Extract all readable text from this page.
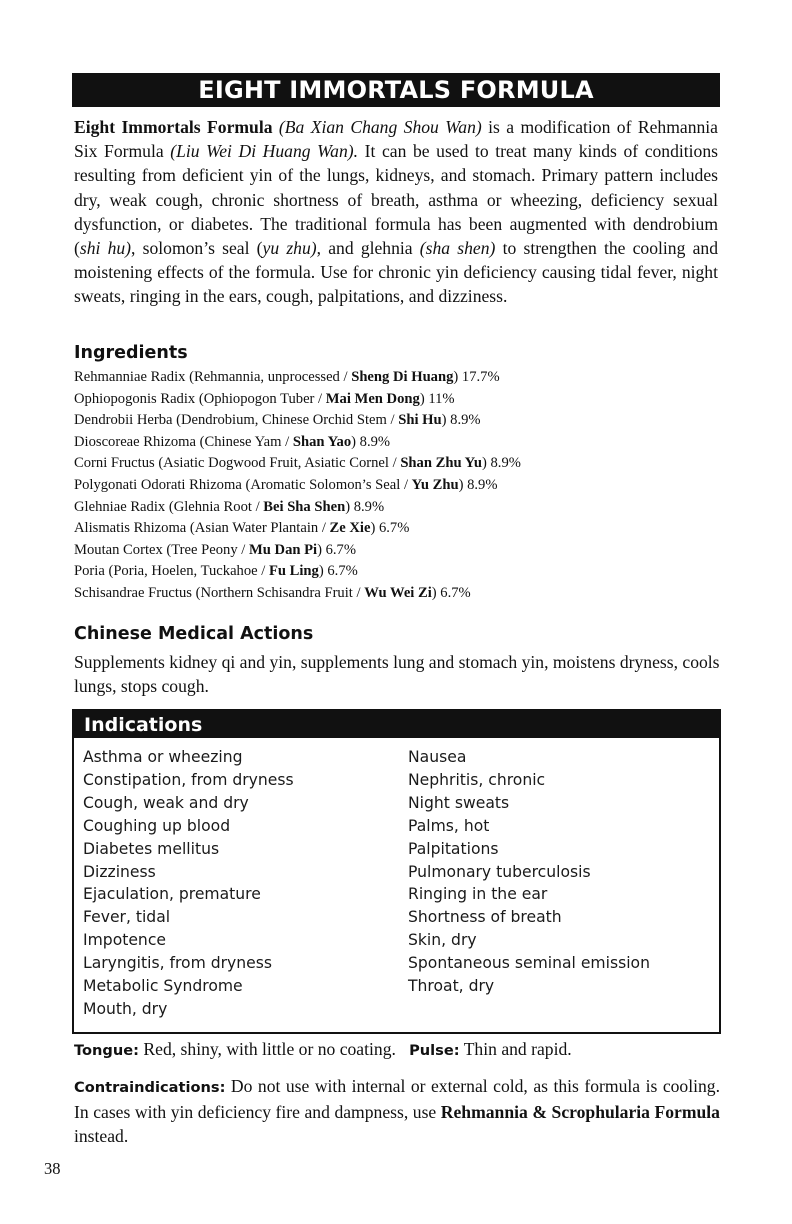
EIGHT IMMORTALS FORMULA

Eight Immortals Formula (Ba Xian Chang Shou Wan) is a modification of Rehmannia Six Formula (Liu Wei Di Huang Wan). It can be used to treat many kinds of conditions resulting from deficient yin of the lungs, kidneys, and stomach. Primary pattern includes dry, weak cough, chronic shortness of breath, asthma or wheezing, deficiency sexual dysfunction, or diabetes. The traditional formula has been augmented with dendrobium (shi hu), solomon’s seal (yu zhu), and glehnia (sha shen) to strengthen the cooling and moistening effects of the formula. Use for chronic yin deficiency causing tidal fever, night sweats, ringing in the ears, cough, palpitations, and dizziness.

Ingredients
Rehmanniae Radix (Rehmannia, unprocessed / Sheng Di Huang) 17.7%
Ophiopogonis Radix (Ophiopogon Tuber / Mai Men Dong) 11%
Dendrobii Herba (Dendrobium, Chinese Orchid Stem / Shi Hu) 8.9%
Dioscoreae Rhizoma (Chinese Yam / Shan Yao) 8.9%
Corni Fructus (Asiatic Dogwood Fruit, Asiatic Cornel / Shan Zhu Yu) 8.9%
Polygonati Odorati Rhizoma (Aromatic Solomon’s Seal / Yu Zhu) 8.9%
Glehniae Radix (Glehnia Root / Bei Sha Shen) 8.9%
Alismatis Rhizoma (Asian Water Plantain / Ze Xie) 6.7%
Moutan Cortex (Tree Peony / Mu Dan Pi) 6.7%
Poria (Poria, Hoelen, Tuckahoe / Fu Ling) 6.7%
Schisandrae Fructus (Northern Schisandra Fruit / Wu Wei Zi) 6.7%
Chinese Medical Actions

Supplements kidney qi and yin, supplements lung and stomach yin, moistens dryness, cools lungs, stops cough.

Indications
Asthma or wheezing
Constipation, from dryness
Cough, weak and dry
Coughing up blood
Diabetes mellitus
Dizziness
Ejaculation, premature
Fever, tidal
Impotence
Laryngitis, from dryness
Metabolic Syndrome
Mouth, dry
Nausea
Nephritis, chronic
Night sweats
Palms, hot
Palpitations
Pulmonary tuberculosis
Ringing in the ear
Shortness of breath
Skin, dry
Spontaneous seminal emission
Throat, dry

Tongue: Red, shiny, with little or no coating. Pulse: Thin and rapid.

Contraindications: Do not use with internal or external cold, as this formula is cooling. In cases with yin deficiency fire and dampness, use Rehmannia & Scrophularia Formula instead.

38
